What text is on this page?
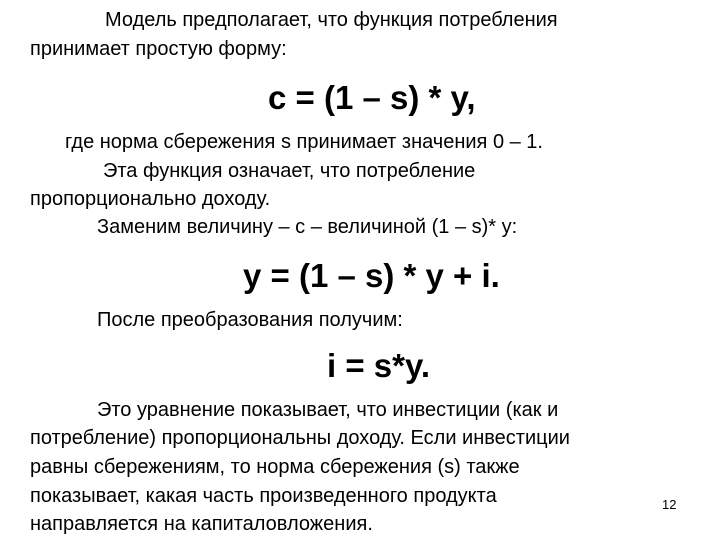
Модель предполагает, что функция потребления
принимает простую форму:
c = (1 – s) * y,
где норма сбережения s принимает значения 0 – 1.
Эта функция означает, что потребление
пропорционально доходу.
Заменим величину – c – величиной (1 – s)* y:
y = (1 – s) * y + i.
После преобразования получим:
i = s*y.
Это уравнение показывает, что инвестиции (как и
потребление) пропорциональны доходу. Если инвестиции
равны сбережениям, то норма сбережения (s) также
показывает, какая часть произведенного продукта
направляется на капиталовложения.
12
